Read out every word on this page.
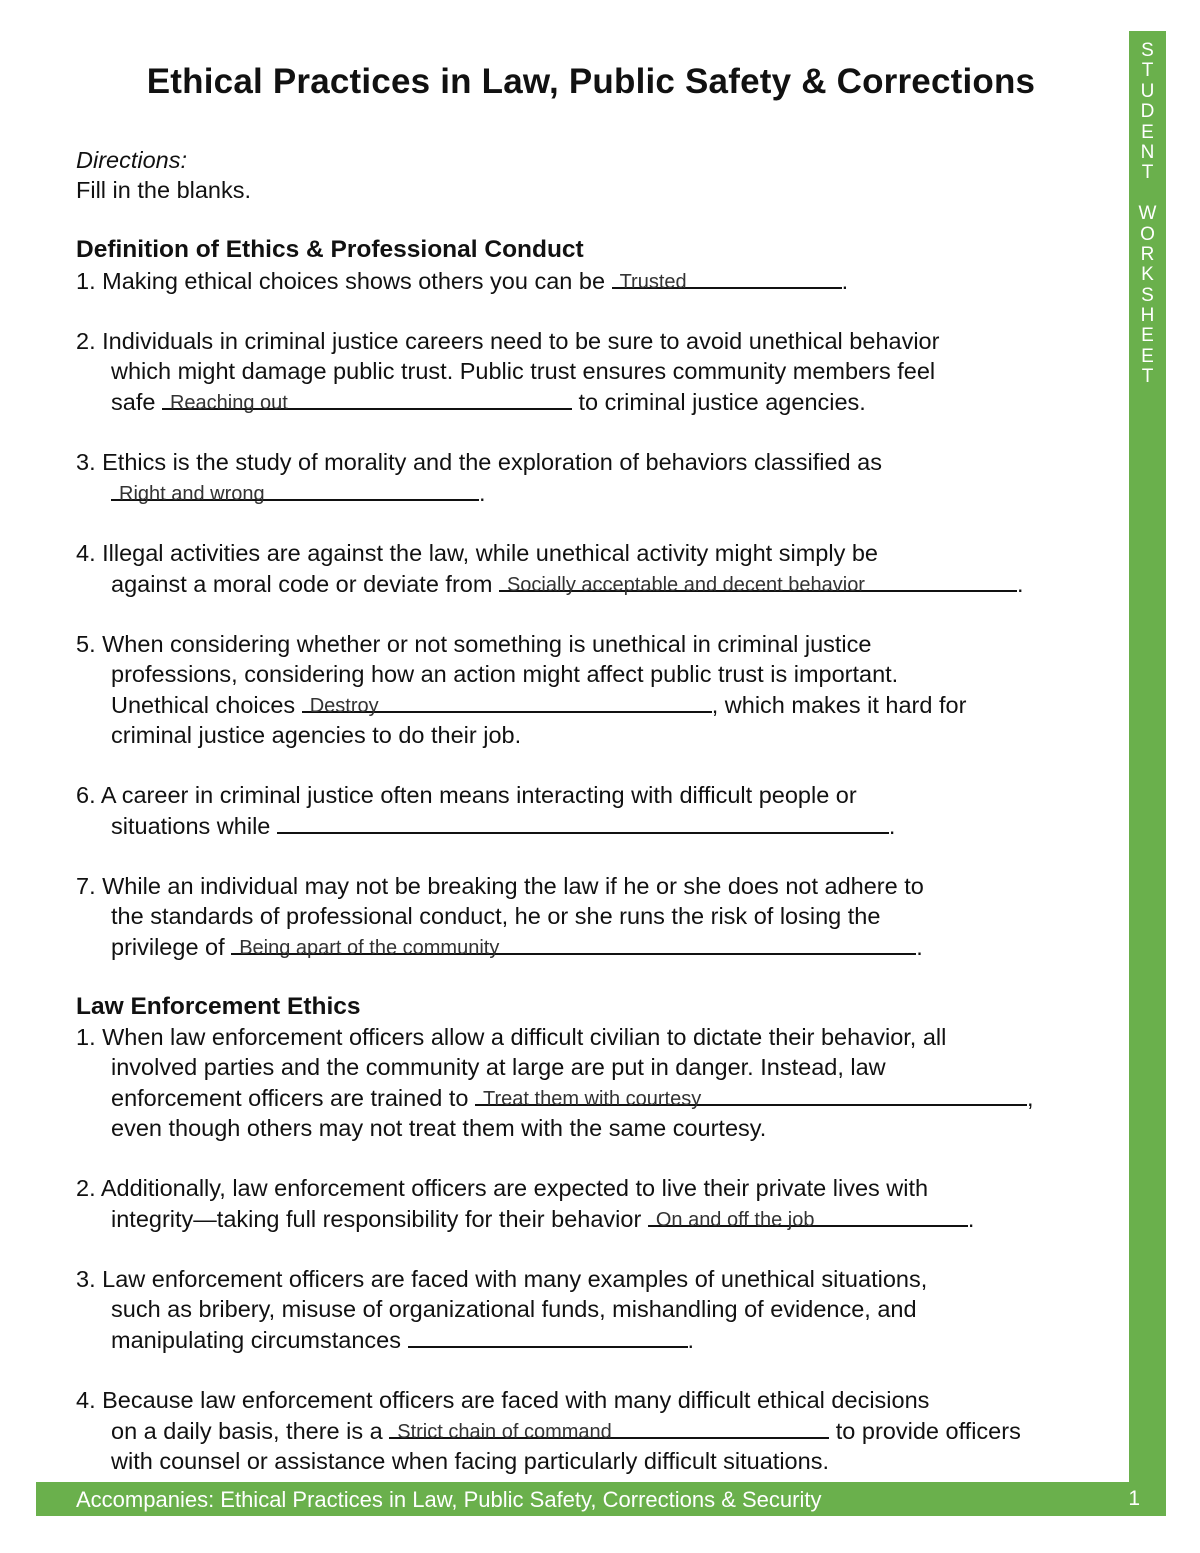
Ethical Practices in Law, Public Safety & Corrections
S
T
U
D
E
N
T
W
O
R
K
S
H
E
E
T

Directions:

Fill in the blanks.

Definition of Ethics & Professional Conduct

1. Making ethical choices shows others you can be Trusted	.

2. Individuals in criminal justice careers need to be sure to avoid unethical behavior

which might damage public trust. Public trust ensures community members feel

safe Reaching out	to criminal justice agencies.

3. Ethics is the study of morality and the exploration of behaviors classified as

Right and wrong	.

4. Illegal activities are against the law, while unethical activity might simply be

against a moral code or deviate from Socially acceptable and decent behavior	.

5. When considering whether or not something is unethical in criminal justice

professions, considering how an action might affect public trust is important.

Unethical choices Destroy	, which makes it hard for

criminal justice agencies to do their job.

6. A career in criminal justice often means interacting with difficult people or

situations while	.

7. While an individual may not be breaking the law if he or she does not adhere to

the standards of professional conduct, he or she runs the risk of losing the

privilege of Being apart of the community	.

Law Enforcement Ethics

1. When law enforcement officers allow a difficult civilian to dictate their behavior, all

involved parties and the community at large are put in danger. Instead, law

enforcement officers are trained to Treat them with courtesy	,

even though others may not treat them with the same courtesy.

2. Additionally, law enforcement officers are expected to live their private lives with

integrity—taking full responsibility for their behavior On and off the job	.

3. Law enforcement officers are faced with many examples of unethical situations,

such as bribery, misuse of organizational funds, mishandling of evidence, and

manipulating circumstances	.

4. Because law enforcement officers are faced with many difficult ethical decisions

on a daily basis, there is a Strict chain of command	to provide officers

with counsel or assistance when facing particularly difficult situations.

Accompanies: Ethical Practices in Law, Public Safety, Corrections & Security	1
